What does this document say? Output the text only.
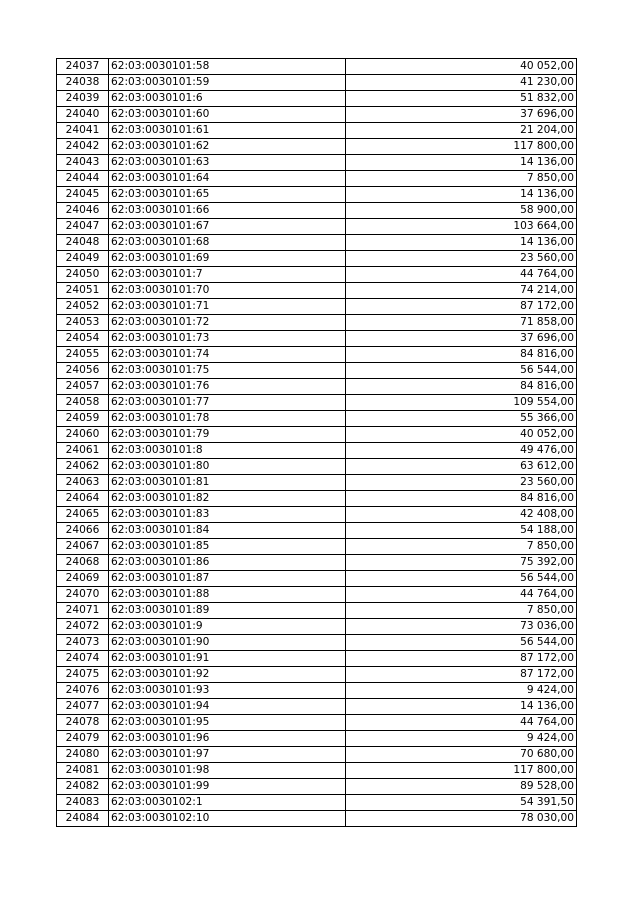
24037	62:03:0030101:58	40 052,00
24038	62:03:0030101:59	41 230,00
24039	62:03:0030101:6	51 832,00
24040	62:03:0030101:60	37 696,00
24041	62:03:0030101:61	21 204,00
24042	62:03:0030101:62	117 800,00
24043	62:03:0030101:63	14 136,00
24044	62:03:0030101:64	7 850,00
24045	62:03:0030101:65	14 136,00
24046	62:03:0030101:66	58 900,00
24047	62:03:0030101:67	103 664,00
24048	62:03:0030101:68	14 136,00
24049	62:03:0030101:69	23 560,00
24050	62:03:0030101:7	44 764,00
24051	62:03:0030101:70	74 214,00
24052	62:03:0030101:71	87 172,00
24053	62:03:0030101:72	71 858,00
24054	62:03:0030101:73	37 696,00
24055	62:03:0030101:74	84 816,00
24056	62:03:0030101:75	56 544,00
24057	62:03:0030101:76	84 816,00
24058	62:03:0030101:77	109 554,00
24059	62:03:0030101:78	55 366,00
24060	62:03:0030101:79	40 052,00
24061	62:03:0030101:8	49 476,00
24062	62:03:0030101:80	63 612,00
24063	62:03:0030101:81	23 560,00
24064	62:03:0030101:82	84 816,00
24065	62:03:0030101:83	42 408,00
24066	62:03:0030101:84	54 188,00
24067	62:03:0030101:85	7 850,00
24068	62:03:0030101:86	75 392,00
24069	62:03:0030101:87	56 544,00
24070	62:03:0030101:88	44 764,00
24071	62:03:0030101:89	7 850,00
24072	62:03:0030101:9	73 036,00
24073	62:03:0030101:90	56 544,00
24074	62:03:0030101:91	87 172,00
24075	62:03:0030101:92	87 172,00
24076	62:03:0030101:93	9 424,00
24077	62:03:0030101:94	14 136,00
24078	62:03:0030101:95	44 764,00
24079	62:03:0030101:96	9 424,00
24080	62:03:0030101:97	70 680,00
24081	62:03:0030101:98	117 800,00
24082	62:03:0030101:99	89 528,00
24083	62:03:0030102:1	54 391,50
24084	62:03:0030102:10	78 030,00
